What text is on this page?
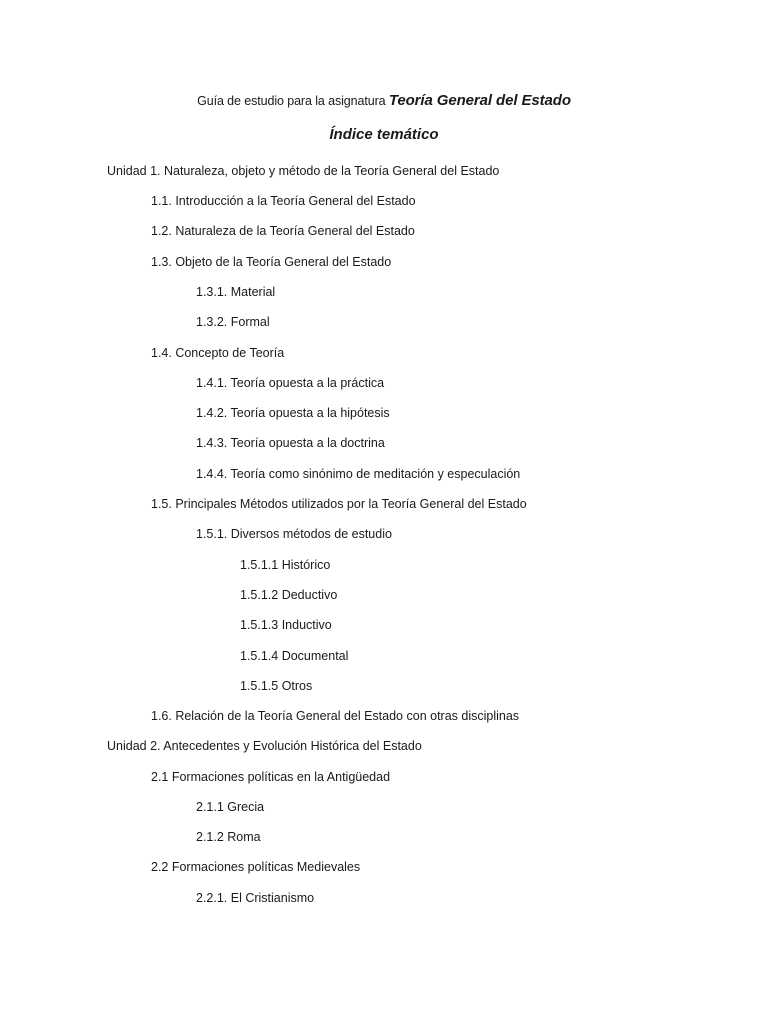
Guía de estudio para la asignatura Teoría General del Estado
Índice temático
Unidad 1. Naturaleza, objeto y método de la Teoría General del Estado
1.1. Introducción a la Teoría General del Estado
1.2. Naturaleza de la Teoría General del Estado
1.3. Objeto de la Teoría General del Estado
1.3.1. Material
1.3.2. Formal
1.4. Concepto de Teoría
1.4.1. Teoría opuesta a la práctica
1.4.2. Teoría opuesta a la hipótesis
1.4.3. Teoría opuesta a la doctrina
1.4.4. Teoría como sinónimo de meditación y especulación
1.5. Principales Métodos utilizados por la Teoría General del Estado
1.5.1. Diversos métodos de estudio
1.5.1.1 Histórico
1.5.1.2 Deductivo
1.5.1.3 Inductivo
1.5.1.4 Documental
1.5.1.5 Otros
1.6. Relación de la Teoría General del Estado con otras disciplinas
Unidad 2. Antecedentes y Evolución Histórica del Estado
2.1 Formaciones políticas en la Antigüedad
2.1.1 Grecia
2.1.2 Roma
2.2 Formaciones políticas Medievales
2.2.1. El Cristianismo
